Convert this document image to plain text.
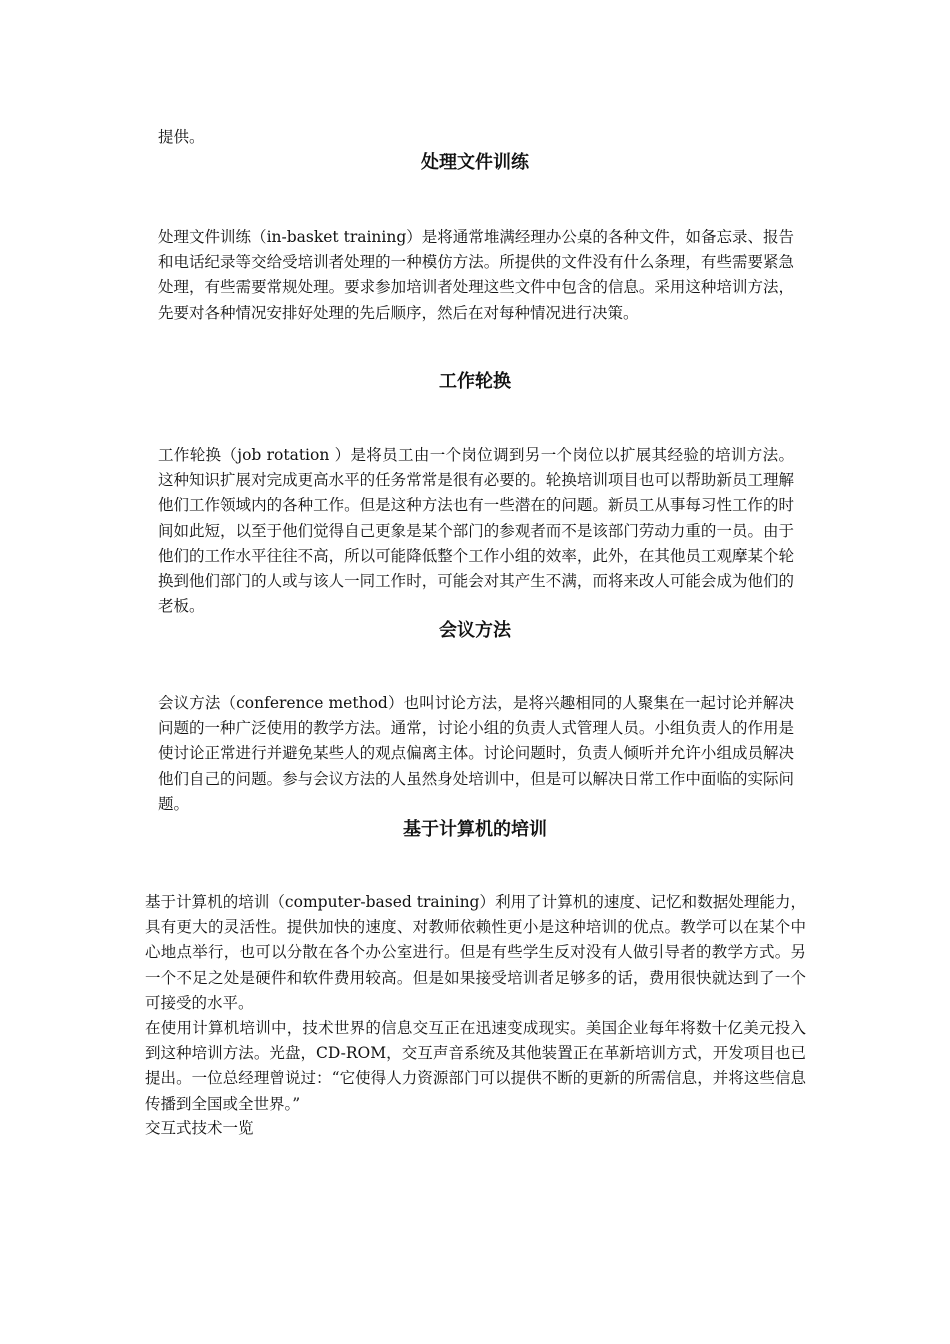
提供。
处理文件训练
处理文件训练（in-basket training）是将通常堆满经理办公桌的各种文件，如备忘录、报告和电话纪录等交给受培训者处理的一种模仿方法。所提供的文件没有什么条理，有些需要紧急处理，有些需要常规处理。要求参加培训者处理这些文件中包含的信息。采用这种培训方法，先要对各种情况安排好处理的先后顺序，然后在对每种情况进行决策。
工作轮换
工作轮换（job rotation ）是将员工由一个岗位调到另一个岗位以扩展其经验的培训方法。这种知识扩展对完成更高水平的任务常常是很有必要的。轮换培训项目也可以帮助新员工理解他们工作领域内的各种工作。但是这种方法也有一些潜在的问题。新员工从事每习性工作的时间如此短，以至于他们觉得自己更象是某个部门的参观者而不是该部门劳动力重的一员。由于他们的工作水平往往不高，所以可能降低整个工作小组的效率，此外，在其他员工观摩某个轮换到他们部门的人或与该人一同工作时，可能会对其产生不满，而将来改人可能会成为他们的老板。
会议方法
会议方法（conference method）也叫讨论方法，是将兴趣相同的人聚集在一起讨论并解决问题的一种广泛使用的教学方法。通常，讨论小组的负责人式管理人员。小组负责人的作用是使讨论正常进行并避免某些人的观点偏离主体。讨论问题时，负责人倾听并允许小组成员解决他们自己的问题。参与会议方法的人虽然身处培训中，但是可以解决日常工作中面临的实际问题。
基于计算机的培训
基于计算机的培训（computer-based training）利用了计算机的速度、记忆和数据处理能力，具有更大的灵活性。提供加快的速度、对教师依赖性更小是这种培训的优点。教学可以在某个中心地点举行，也可以分散在各个办公室进行。但是有些学生反对没有人做引导者的教学方式。另一个不足之处是硬件和软件费用较高。但是如果接受培训者足够多的话，费用很快就达到了一个可接受的水平。
在使用计算机培训中，技术世界的信息交互正在迅速变成现实。美国企业每年将数十亿美元投入到这种培训方法。光盘，CD-ROM，交互声音系统及其他装置正在革新培训方式，开发项目也已提出。一位总经理曾说过：“它使得人力资源部门可以提供不断的更新的所需信息，并将这些信息传播到全国或全世界。”
交互式技术一览
